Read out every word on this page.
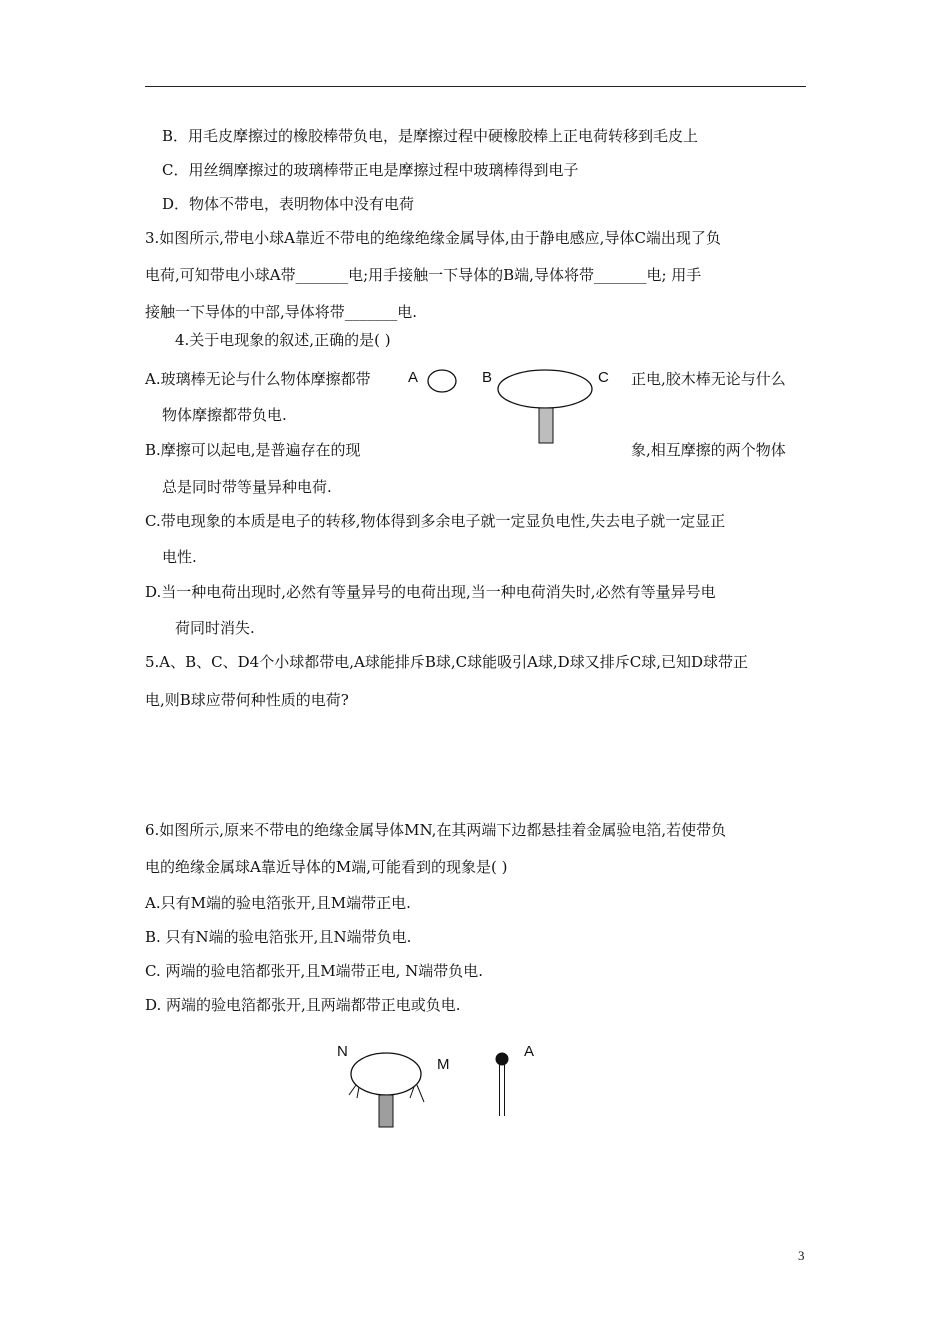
B．用毛皮摩擦过的橡胶棒带负电，是摩擦过程中硬橡胶棒上正电荷转移到毛皮上
C．用丝绸摩擦过的玻璃棒带正电是摩擦过程中玻璃棒得到电子
D．物体不带电，表明物体中没有电荷
3.如图所示,带电小球A靠近不带电的绝缘绝缘金属导体,由于静电感应,导体C端出现了负
电荷,可知带电小球A带_______电;用手接触一下导体的B端,导体将带_______电; 用手
接触一下导体的中部,导体将带_______电.
4.关于电现象的叙述,正确的是( )
A.玻璃棒无论与什么物体摩擦都带	正电,胶木棒无论与什么
物体摩擦都带负电.
B.摩擦可以起电,是普遍存在的现	象,相互摩擦的两个物体
总是同时带等量异种电荷.
C.带电现象的本质是电子的转移,物体得到多余电子就一定显负电性,失去电子就一定显正
电性.
D.当一种电荷出现时,必然有等量异号的电荷出现,当一种电荷消失时,必然有等量异号电
荷同时消失.
A	B	C
5.A、B、C、D4个小球都带电,A球能排斥B球,C球能吸引A球,D球又排斥C球,已知D球带正
电,则B球应带何种性质的电荷?
6.如图所示,原来不带电的绝缘金属导体MN,在其两端下边都悬挂着金属验电箔,若使带负
电的绝缘金属球A靠近导体的M端,可能看到的现象是( )
A.只有M端的验电箔张开,且M端带正电.
B. 只有N端的验电箔张开,且N端带负电.
C. 两端的验电箔都张开,且M端带正电, N端带负电.
D. 两端的验电箔都张开,且两端都带正电或负电.
N
M
A
3
